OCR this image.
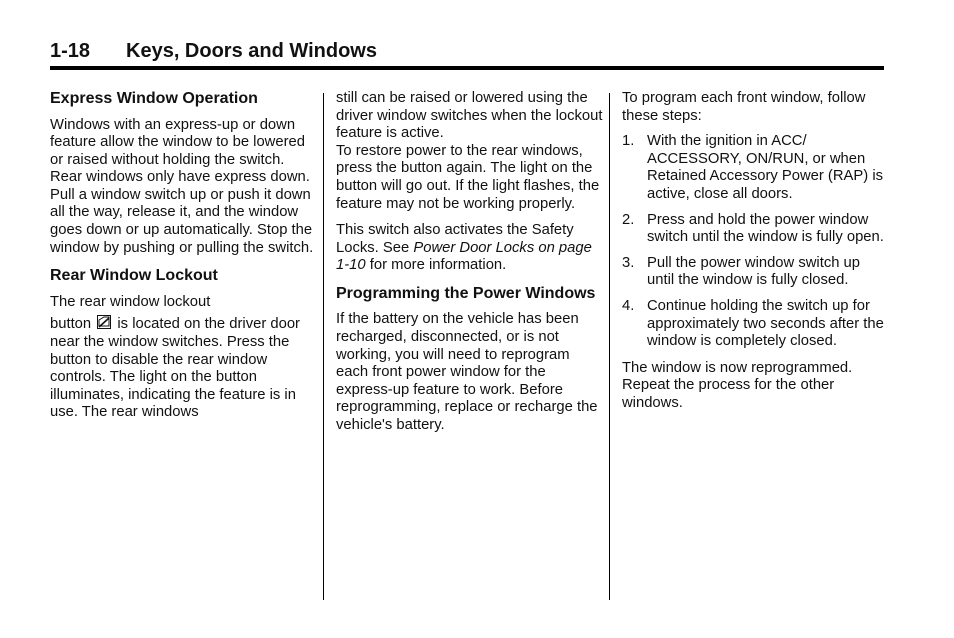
1-18 Keys, Doors and Windows
Express Window Operation

Windows with an express-up or down feature allow the window to be lowered or raised without holding the switch. Rear windows only have express down. Pull a window switch up or push it down all the way, release it, and the window goes down or up automatically. Stop the window by pushing or pulling the switch.

Rear Window Lockout

The rear window lockout

button is located on the driver door near the window switches. Press the button to disable the rear window controls. The light on the button illuminates, indicating the feature is in use. The rear windows

still can be raised or lowered using the driver window switches when the lockout feature is active.

To restore power to the rear windows, press the button again. The light on the button will go out. If the light flashes, the feature may not be working properly.

This switch also activates the Safety Locks. See Power Door Locks on page 1-10 for more information.

Programming the Power Windows

If the battery on the vehicle has been recharged, disconnected, or is not working, you will need to reprogram each front power window for the express-up feature to work. Before reprogramming, replace or recharge the vehicle's battery.

To program each front window, follow these steps:

1. With the ignition in ACC/ ACCESSORY, ON/RUN, or when Retained Accessory Power (RAP) is active, close all doors.
2. Press and hold the power window switch until the window is fully open.
3. Pull the power window switch up until the window is fully closed.
4. Continue holding the switch up for approximately two seconds after the window is completely closed.

The window is now reprogrammed. Repeat the process for the other windows.
